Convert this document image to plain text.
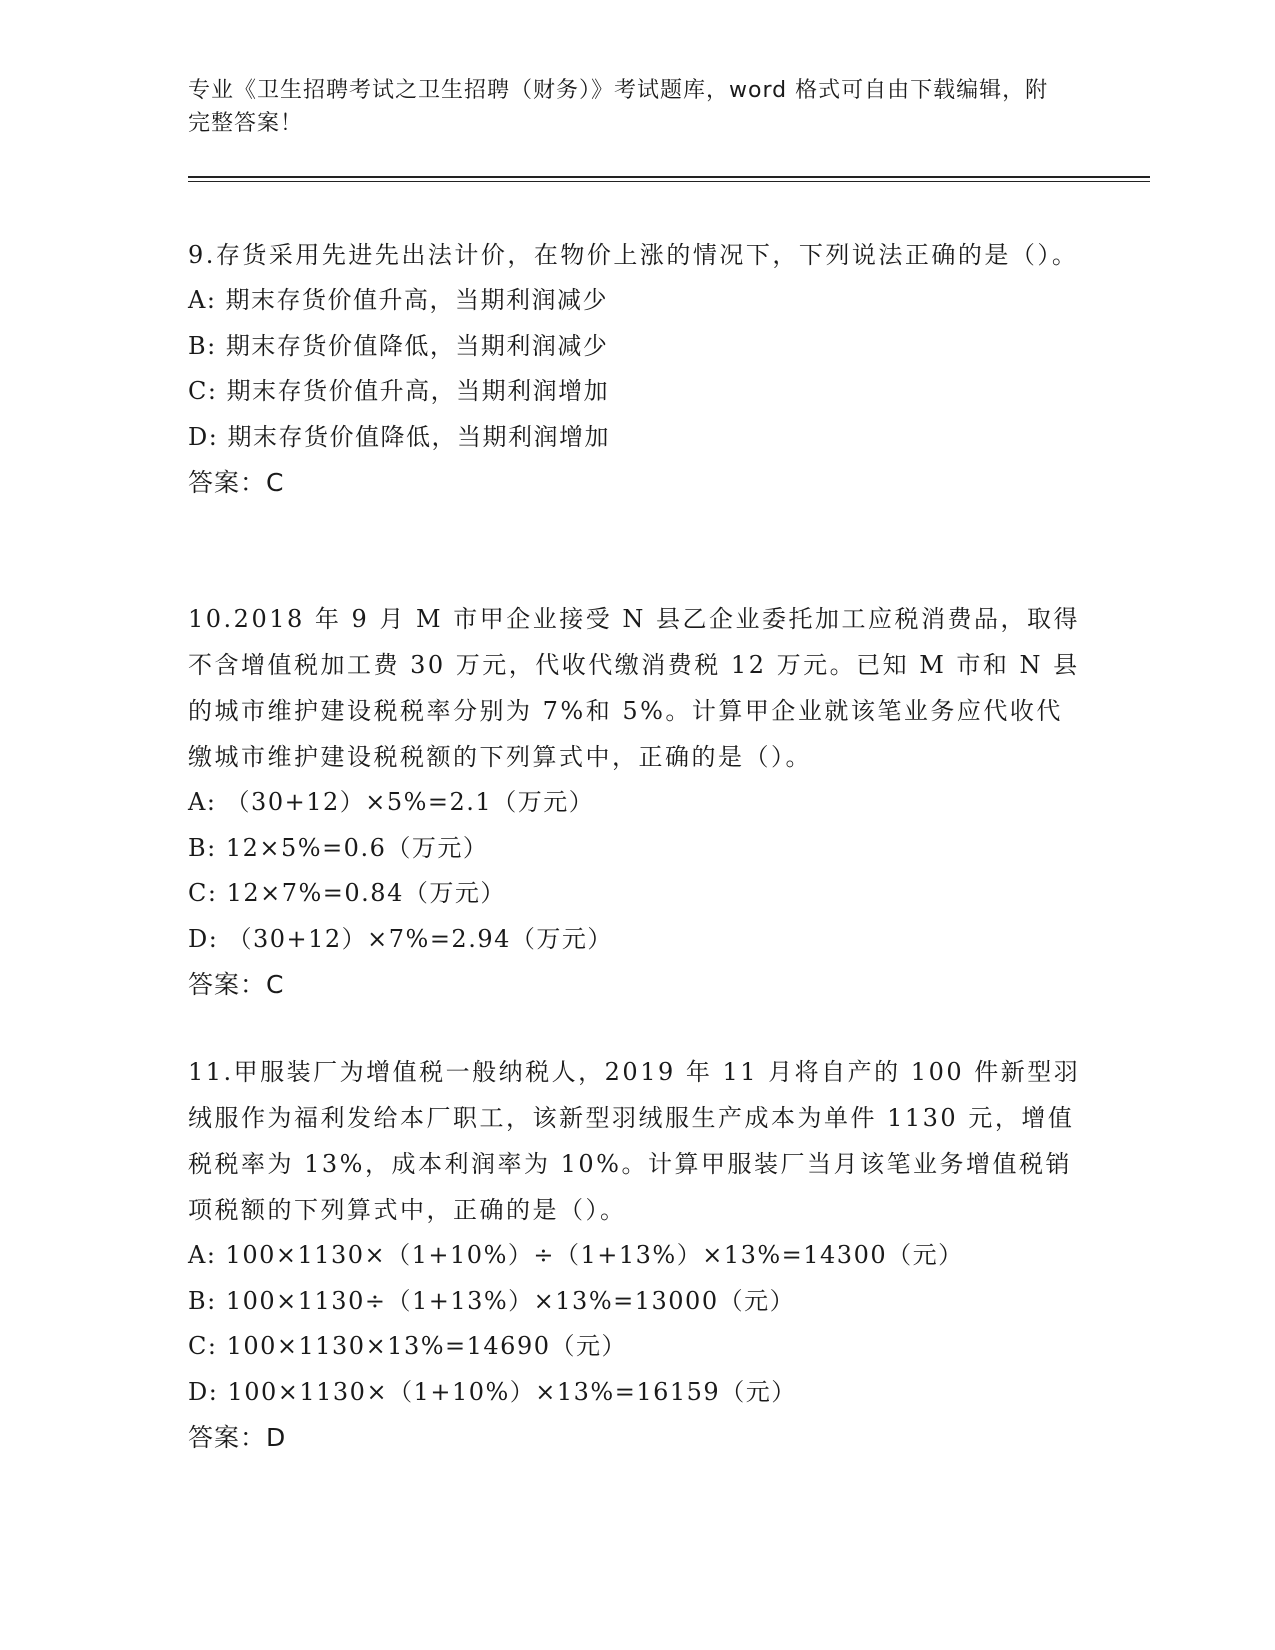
专业《卫生招聘考试之卫生招聘（财务）》考试题库，word 格式可自由下载编辑，附完整答案！

9.存货采用先进先出法计价，在物价上涨的情况下，下列说法正确的是（）。

A: 期末存货价值升高，当期利润减少

B: 期末存货价值降低，当期利润减少

C: 期末存货价值升高，当期利润增加

D: 期末存货价值降低，当期利润增加

答案：C

10.2018 年 9 月 M 市甲企业接受 N 县乙企业委托加工应税消费品，取得不含增值税加工费 30 万元，代收代缴消费税 12 万元。已知 M 市和 N 县的城市维护建设税税率分别为 7%和 5%。计算甲企业就该笔业务应代收代缴城市维护建设税税额的下列算式中，正确的是（）。

A: （30+12）×5%=2.1（万元）

B: 12×5%=0.6（万元）

C: 12×7%=0.84（万元）

D: （30+12）×7%=2.94（万元）

答案：C

11.甲服装厂为增值税一般纳税人，2019 年 11 月将自产的 100 件新型羽绒服作为福利发给本厂职工，该新型羽绒服生产成本为单件 1130 元，增值税税率为 13%，成本利润率为 10%。计算甲服装厂当月该笔业务增值税销项税额的下列算式中，正确的是（）。

A: 100×1130×（1+10%）÷（1+13%）×13%=14300（元）

B: 100×1130÷（1+13%）×13%=13000（元）

C: 100×1130×13%=14690（元）

D: 100×1130×（1+10%）×13%=16159（元）

答案：D
